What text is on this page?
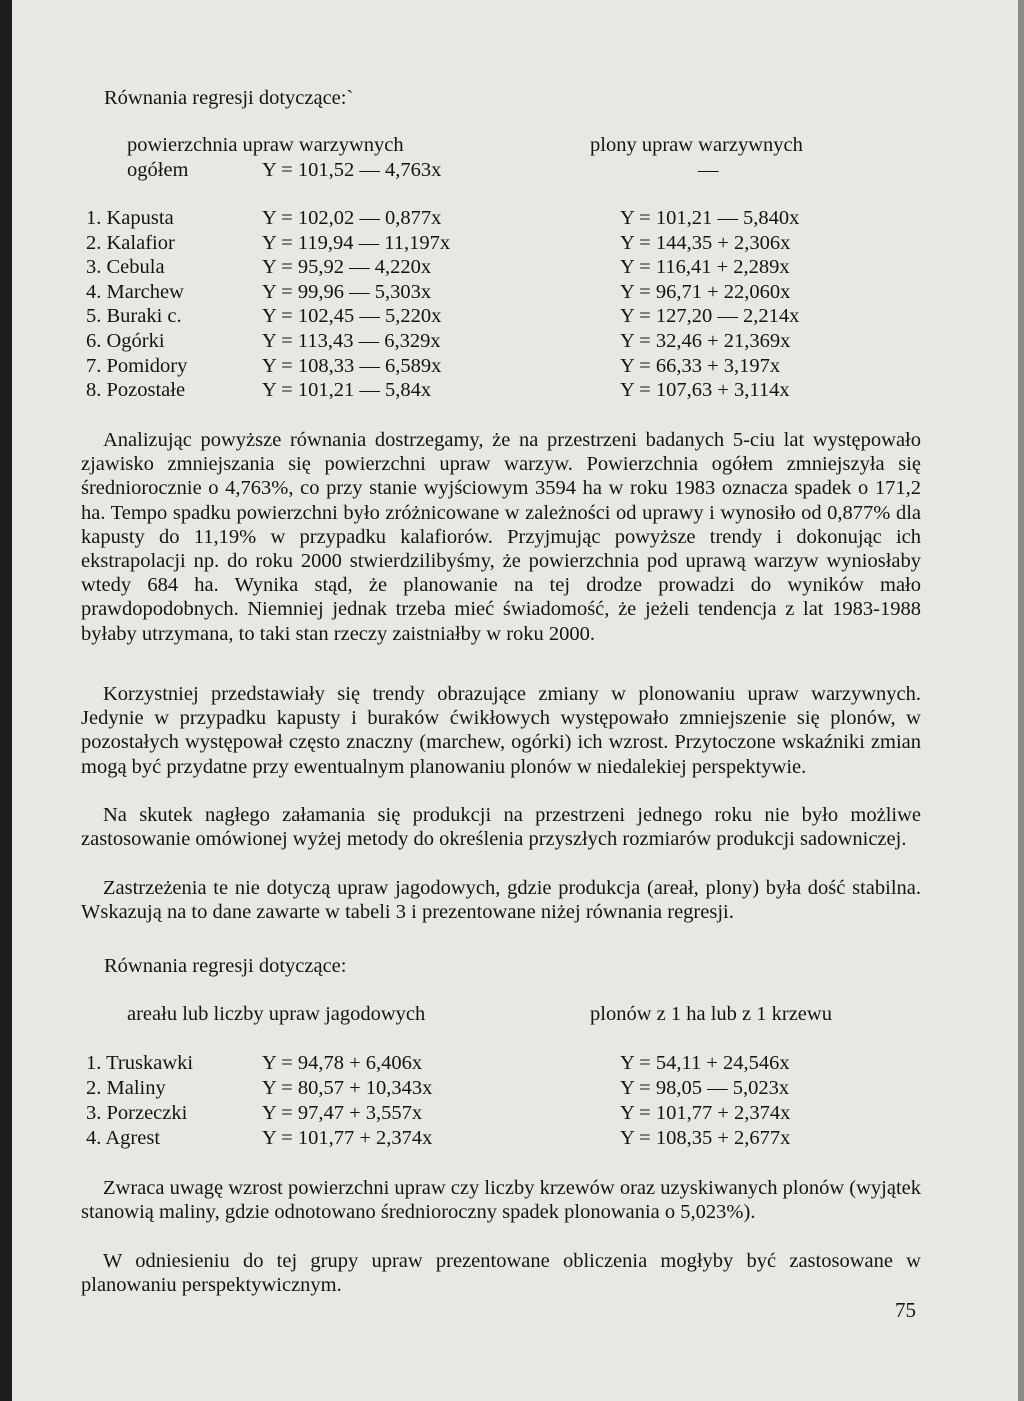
Równania regresji dotyczące:`
powierzchnia upraw warzywnych	plony upraw warzywnych
ogółem	Y = 101,52 — 4,763x	—
1. Kapusta	Y = 102,02 — 0,877x	Y = 101,21 — 5,840x
2. Kalafior	Y = 119,94 — 11,197x	Y = 144,35 + 2,306x
3. Cebula	Y = 95,92 — 4,220x	Y = 116,41 + 2,289x
4. Marchew	Y = 99,96 — 5,303x	Y = 96,71 + 22,060x
5. Buraki c.	Y = 102,45 — 5,220x	Y = 127,20 — 2,214x
6. Ogórki	Y = 113,43 — 6,329x	Y = 32,46 + 21,369x
7. Pomidory	Y = 108,33 — 6,589x	Y = 66,33 + 3,197x
8. Pozostałe	Y = 101,21 — 5,84x	Y = 107,63 + 3,114x
Analizując powyższe równania dostrzegamy, że na przestrzeni badanych 5-ciu lat występowało zjawisko zmniejszania się powierzchni upraw warzyw. Powierzchnia ogółem zmniejszyła się średniorocznie o 4,763%, co przy stanie wyjściowym 3594 ha w roku 1983 oznacza spadek o 171,2 ha. Tempo spadku powierzchni było zróżnicowane w zależności od uprawy i wynosiło od 0,877% dla kapusty do 11,19% w przypadku kalafiorów. Przyjmując powyższe trendy i dokonując ich ekstrapolacji np. do roku 2000 stwierdzilibyśmy, że powierzchnia pod uprawą warzyw wyniosłaby wtedy 684 ha. Wynika stąd, że planowanie na tej drodze prowadzi do wyników mało prawdopodobnych. Niemniej jednak trzeba mieć świadomość, że jeżeli tendencja z lat 1983-1988 byłaby utrzymana, to taki stan rzeczy zaistniałby w roku 2000.
Korzystniej przedstawiały się trendy obrazujące zmiany w plonowaniu upraw warzywnych. Jedynie w przypadku kapusty i buraków ćwikłowych występowało zmniejszenie się plonów, w pozostałych występował często znaczny (marchew, ogórki) ich wzrost. Przytoczone wskaźniki zmian mogą być przydatne przy ewentualnym planowaniu plonów w niedalekiej perspektywie.
Na skutek nagłego załamania się produkcji na przestrzeni jednego roku nie było możliwe zastosowanie omówionej wyżej metody do określenia przyszłych rozmiarów produkcji sadowniczej.
Zastrzeżenia te nie dotyczą upraw jagodowych, gdzie produkcja (areał, plony) była dość stabilna. Wskazują na to dane zawarte w tabeli 3 i prezentowane niżej równania regresji.
Równania regresji dotyczące:
areału lub liczby upraw jagodowych	plonów z 1 ha lub z 1 krzewu
1. Truskawki	Y = 94,78 + 6,406x	Y = 54,11 + 24,546x
2. Maliny	Y = 80,57 + 10,343x	Y = 98,05 — 5,023x
3. Porzeczki	Y = 97,47 + 3,557x	Y = 101,77 + 2,374x
4. Agrest	Y = 101,77 + 2,374x	Y = 108,35 + 2,677x
Zwraca uwagę wzrost powierzchni upraw czy liczby krzewów oraz uzyskiwanych plonów (wyjątek stanowią maliny, gdzie odnotowano średnioroczny spadek plonowania o 5,023%).
W odniesieniu do tej grupy upraw prezentowane obliczenia mogłyby być zastosowane w planowaniu perspektywicznym.
75
